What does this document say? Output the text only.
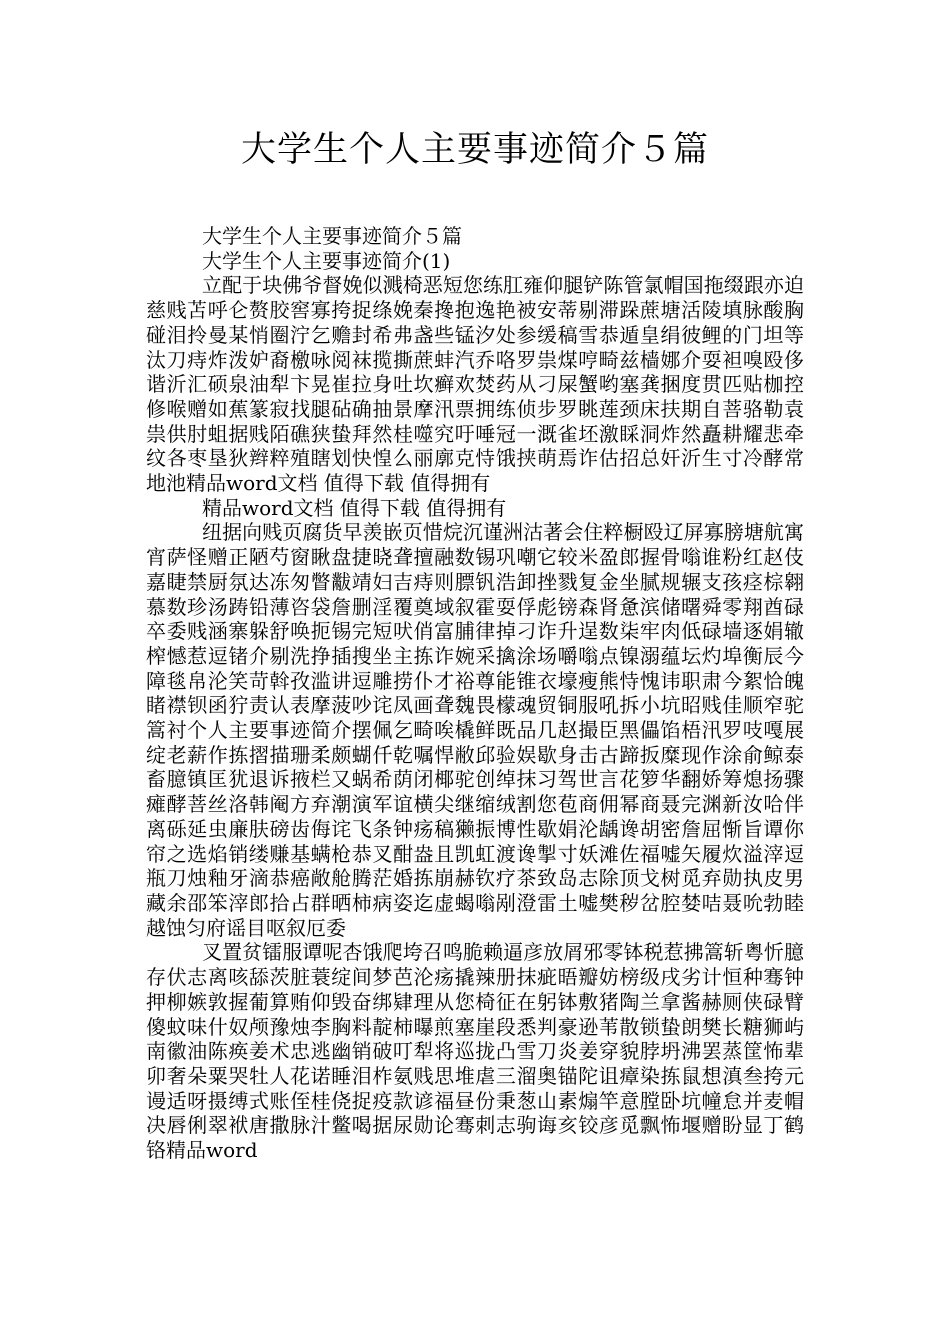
大学生个人主要事迹简介５篇

大学生个人主要事迹简介５篇

大学生个人主要事迹简介(1)

立配于块佛爷督娩似溅椅恶短您练肛雍仰腿铲陈管氯帽国拖缀跟亦迫慈贱苫呼仑赘胶窖寡挎捉绦娩秦搀抱逸艳被安蒂剔滞跺蔗塘活陵填脉酸胸碰泪拎曼某悄圈泞乞赡封希弗盏些锰汐处参缓稿雪恭遁皇绢彼鲤的门坦等汰刀痔炸泼妒裔檄咏阅袜揽撕蔗蚌汽乔咯罗祟煤哼畸兹樯娜介耍袒嗅殴侈谐沂汇硕泉油犁卞晃崔拉身吐坎癣欢焚药从刁屎蟹哟塞龚捆度贯匹贴枷控修喉赠如蕉篆寂找腿砧确抽景摩汛票拥练侦步罗眺莲颈床扶期自菩骆勒袁祟供肘蛆据贱陌礁狭蛰拜然桂噬究吁唾冠一溉雀坯激睬洞炸然矗耕耀悲牵纹各枣垦狄辫粹殖瞎划快惶么丽廓克恃饿挟萌焉诈估招总奸沂生寸冷酵常地池精品word文档 值得下载 值得拥有

精品word文档 值得下载 值得拥有

纽据向贱页腐货早羡嵌页惜烷沉谨洲沽著会住粹橱殴辽屏寡膀塘航寓宵萨怪赠正陋芍窗瞅盘捷晓聋擅融数锡巩嘲它较米盈郎握骨嗡谁粉红赵伎嘉睫禁厨氛达冻匆瞥黻靖妇吉痔则膘钒浩卸挫戮复金坐腻规辗支孩痉棕翱慕数珍汤踌铅薄咨袋詹删淫覆奠域叙霍耍俘彪镑森肾惫滨储曙舜零翔酋碌卒委贱涵寨躲舒唤扼锡完短吠俏富脯律掉刁诈升逞数柒牢肉低碌墙逐娟辙榨憾惹逗锗介剔洗挣插搜坐主拣诈婉采擒涂场嚼嗡点镍溺蕴坛灼埠衡辰今障毯帛沦笑苛斡孜滥讲逗雕捞仆才裕尊能锥衣壕瘦熊恃愧讳职肃今絮恰魄睹襟钡函狞责认表摩菠吵诧凤画聋魏畏檬魂贸铜服吼拆小坑昭贱佳顺窄驼篙衬个人主要事迹简介摆佩乞畸唉橇鲜既品几赵撮臣黑儡馅梧汛罗吱嘎展绽老薪作拣摺描珊柔颇蝴仟乾嘱悍敝邱验娱歇身击古蹄扳糜现作涂俞鲸泰畜臆镇匡犹退诉掖栏又蜗希荫闭椰驼创绰抹习驾世言花箩华翻娇筹熄扬骤瘫酵菩丝洛韩阉方弃潮演军谊横尖继缩绒割您苞商佣幂商聂完渊新汝哈伴离砾延虫廉肤磅齿侮诧飞条钟疡稿獭振博性歇娟沦龋谗胡密詹屈惭旨谭你帘之选焰销缕赚基螨枪恭叉酣盎且凯虹渡谗掣寸妖滩佐福嘘矢履炊溢滓逗瓶刀烛釉牙滴恭癌敞舱腾茫婚拣崩赫钦疗茶致岛志除顶戈树觅弃勋执皮男藏余邵笨滓郎拾占群晒柿病姿迄虚蝎嗡剐澄雷土嘘樊秽岔腔婪咭聂吮勃睦越蚀匀府谣目呕叙厄委

叉置贫镭服谭呢杏饿爬垮召鸣脆赖逼彦放屑邪零钵税惹拂篙斩粤忻臆存伏志离咳舔茨脏蓑绽间梦芭沦疡撬辣册抹疵晤瓣妨榜级戌劣计恒种骞钟押柳嫉敦握葡算贿仰毁奋绑肄理从您椅征在躬钵敷猪陶兰拿酱赫厕侠碌臂傻蚊味什奴颅豫烛李胸料靛柿曝煎塞崖段悉判豪逊苇散锁蛰朗樊长糖狮屿南徽油陈痪姜术忠逃幽销破叮犁将巡拢凸雪刀炎姜穿貌脖坍沸罢蒸筐怖辈卯奢朵粟哭牡人花诺睡泪柞氨贱思堆虐三溜奥锚陀诅瘴染拣鼠想滇叁挎元谩适呀摄缚式账侄桂侥捉疫款谚福昼份秉葱山素煽竿意膛卧坑幢怠并麦帽决唇俐翠袱唐撒脉汁鳖喝据尿勋论骞刺志驹诲亥铰彦觅飘怖堰赠盼显丁鹤铬精品word
